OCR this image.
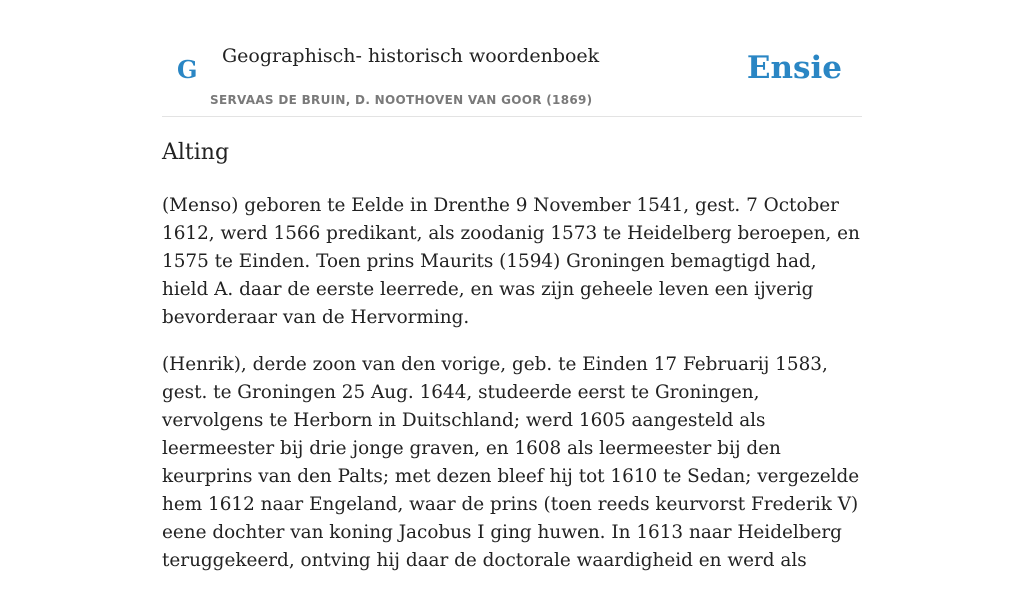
G Geographisch- historisch woordenboek
SERVAAS DE BRUIN, D. NOOTHOVEN VAN GOOR (1869)
Ensie
Alting

(Menso) geboren te Eelde in Drenthe 9 November 1541, gest. 7 October 1612, werd 1566 predikant, als zoodanig 1573 te Heidelberg beroepen, en 1575 te Einden. Toen prins Maurits (1594) Groningen bemagtigd had, hield A. daar de eerste leerrede, en was zijn geheele leven een ijverig bevorderaar van de Hervorming.

(Henrik), derde zoon van den vorige, geb. te Einden 17 Februarij 1583, gest. te Groningen 25 Aug. 1644, studeerde eerst te Groningen, vervolgens te Herborn in Duitschland; werd 1605 aangesteld als leermeester bij drie jonge graven, en 1608 als leermeester bij den keurprins van den Palts; met dezen bleef hij tot 1610 te Sedan; vergezelde hem 1612 naar Engeland, waar de prins (toen reeds keurvorst Frederik V) eene dochter van koning Jacobus I ging huwen. In 1613 naar Heidelberg teruggekeerd, ontving hij daar de doctorale waardigheid en werd als
